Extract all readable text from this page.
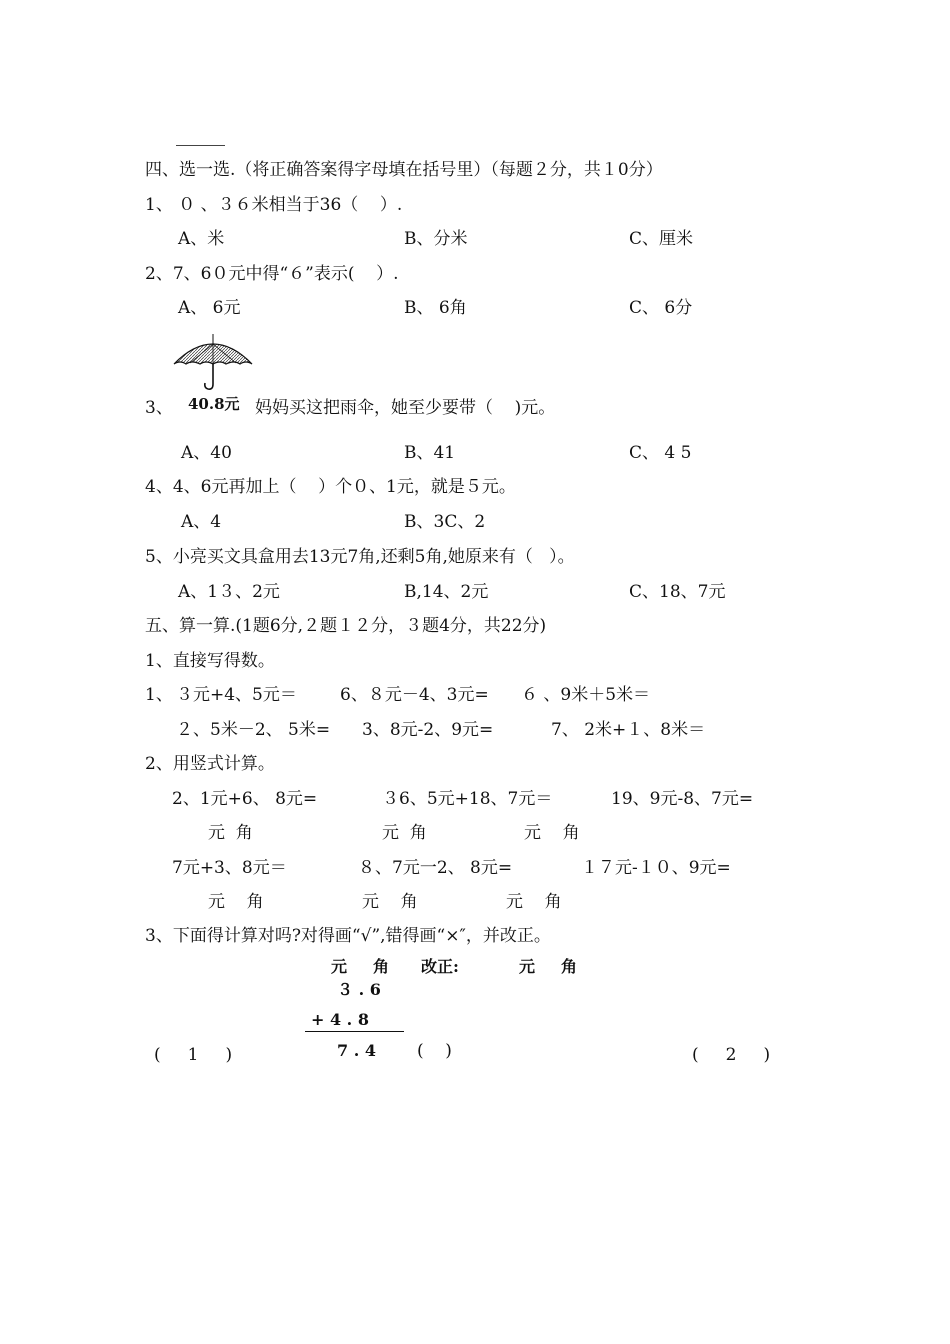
四、选一选.（将正确答案得字母填在括号里）（每题２分，共１0分）
1、 ０ 、３６米相当于36（    ）.
A、米	B、分米	C、厘米
2、7、6０元中得“６”表示(    ）.
A、 6元	B、 6角	C、 6分
40.8元
3、	妈妈买这把雨伞，她至少要带（    )元。
A、40	B、41	C、 4 5
4、4、6元再加上（    ）个０、1元，就是５元。
A、4	B、3‌C、2
5、小亮买文具盒用去13元7角,还剩5角,她原来有（   ）。
A、1３、2元	B,14、2元	C、18、7元
五、算一算.(1题6分,２题１２分，３题4分，共22分)
1、直接写得数。
1、 ３元+4、5元＝	6、８元－4、3元= ６ 、9米＋5米＝
２、5米－2、 5米= 3、8元-2、9元=	7、 2米+１、8米＝
2、用竖式计算。
2、1元+6、 8元=	３6、5元+18、7元＝	19、9元-8、7元=
元  角	元  角	元    角
7元+3、8元＝	８、7元一2、 8元=	１７元-１０、9元=
元    角	元    角	元    角
3、下面得计算对吗?对得画“√”,错得画“×″，并改正。
元 角 改正:	元 角
３ . 6
+ 4 . 8
7 . 4 (    )
(     1     )	(     2     )
